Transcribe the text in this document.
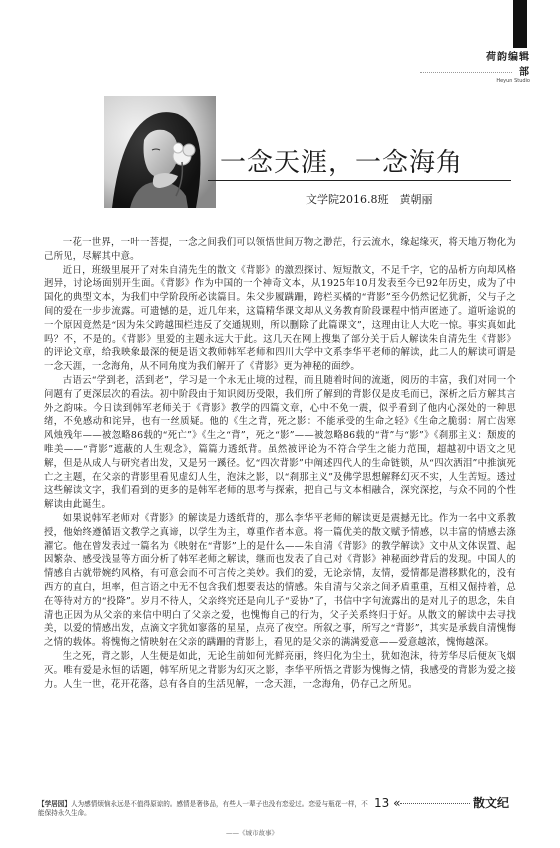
荷韵编辑部
Heyun Studio
一念天涯，一念海角
文学院2016.8班　黄朝丽

一花一世界，一叶一菩提，一念之间我们可以领悟世间万物之渺茫，行云流水，缘起缘灭，将天地万物化为己所见，尽解其中意。

近日，班级里展开了对朱自清先生的散文《背影》的激烈探讨、短短散文，不足千字，它的品析方向却风格迥异，讨论场面别开生面。《背影》作为中国的一个神奇文本，从1925年10月发表至今已92年历史，成为了中国化的典型文本，为我们中学阶段所必读篇目。朱父步履蹒跚，跨栏买橘的“背影”至今仍然记忆犹新，父与子之间的爱在一步步流露。可遗憾的是，近几年来，这篇精华课文却从义务教育阶段课程中悄声匿迹了。道听途说的一个原因竟然是“因为朱父跨越围栏违反了交通规则，所以删除了此篇课文”，这理由让人大吃一惊。事实真如此吗？不，不是的。《背影》里爱的主题永远大于此。这几天在网上搜集了部分关于后人解读朱自清先生《背影》的评论文章，给我映象最深的便是语文教师韩军老师和四川大学中文系李华平老师的解读，此二人的解读可谓是一念天涯，一念海角，从不同角度为我们解开了《背影》更为神秘的面纱。

古语云“学到老，活到老”，学习是一个永无止境的过程，而且随着时间的流逝，阅历的丰富，我们对同一个问题有了更深层次的看法。初中阶段由于知识阅历受限，我们所了解到的背影仅是皮毛而已，深析之后方解其言外之韵味。今日读到韩军老师关于《背影》教学的四篇文章，心中不免一震，似乎看到了他内心深处的一种思绪，不免感动和诧异，也有一丝质疑。他的《生之背，死之影：不能承受的生命之轻》《生命之脆弱：屑亡齿寒 风烛残年——被忽略86载的“死亡”》《生之“背”，死之“影”——被忽略86载的“背”与“影”》《刹那主义：颓废的唯美——“背影”遮蔽的人生观念》，篇篇力透纸背。虽然被评论为不符合学生之能力范围，超越初中语文之见解，但是从成人与研究者出发，又是另一蹊径。忆“四次背影”中阐述四代人的生命链锁，从“四次洒泪”中推演死亡之主题，在父亲的背影里看见虚幻人生，泡沫之影，以“刹那主义”及佛学思想解释幻灭不实，人生苦短。透过这些解读文字，我们看到的更多的是韩军老师的思考与探索，把自己与文本相融合，深究深挖，与众不同的个性解读由此诞生。

如果说韩军老师对《背影》的解读是力透纸背的，那么李华平老师的解读更是震撼无比。作为一名中文系教授，他始终遵循语文教学之真谛，以学生为主，尊重作者本意。将一篇优美的散文赋予情感，以丰富的情感去涤濯它。他在曾发表过一篇名为《映射在“背影”上的是什么——朱自清《背影》的教学解读》文中从文体误置、起因繁杂、感受浅显等方面分析了韩军老师之解读，继而也发表了自己对《背影》神秘面纱背后的发现。中国人的情感自古就带婉约风格，有可意会而不可言传之美妙。我们的爱，无论亲情，友情，爱情都是潜移默化的，没有西方的直白，坦率，但言语之中无不包含我们想要表达的情感。朱自清与父亲之间矛盾重重，互相又倔持着，总在等待对方的“投降”。岁月不待人，父亲终究还是向儿子“妥协”了，书信中字句流露出的是对儿子的思念，朱自清也正因为从父亲的来信中明白了父亲之爱，也愧悔自己的行为，父子关系终归于好。从散文的解读中去寻找美，以爱的情感出发，点滴文字犹如寥落的星星，点亮了夜空。所叙之事，所写之“背影”，其实是承载自清愧悔之情的载体。将愧悔之情映射在父亲的蹒跚的背影上，看见的是父亲的满满爱意——爱意越浓，愧悔越深。

生之死，背之影，人生便是如此，无论生前如何光鲜亮丽，终归化为尘土，犹如泡沫，待芳华尽后便灰飞烟灭。唯有爱是永恒的话题，韩军所见之背影为幻灭之影，李华平所悟之背影为愧悔之情，我感受的背影为爱之接力。人生一世，花开花落，总有各自的生活见解，一念天涯，一念海角，仍存己之所见。

【学居园】人为感情烦恼永远是不值得原谅的。感情是奢侈品，有些人一辈子也没有恋爱过。恋爱与瓶花一样，不能保持永久生命。
13 «	散文纪
——《城市故事》
